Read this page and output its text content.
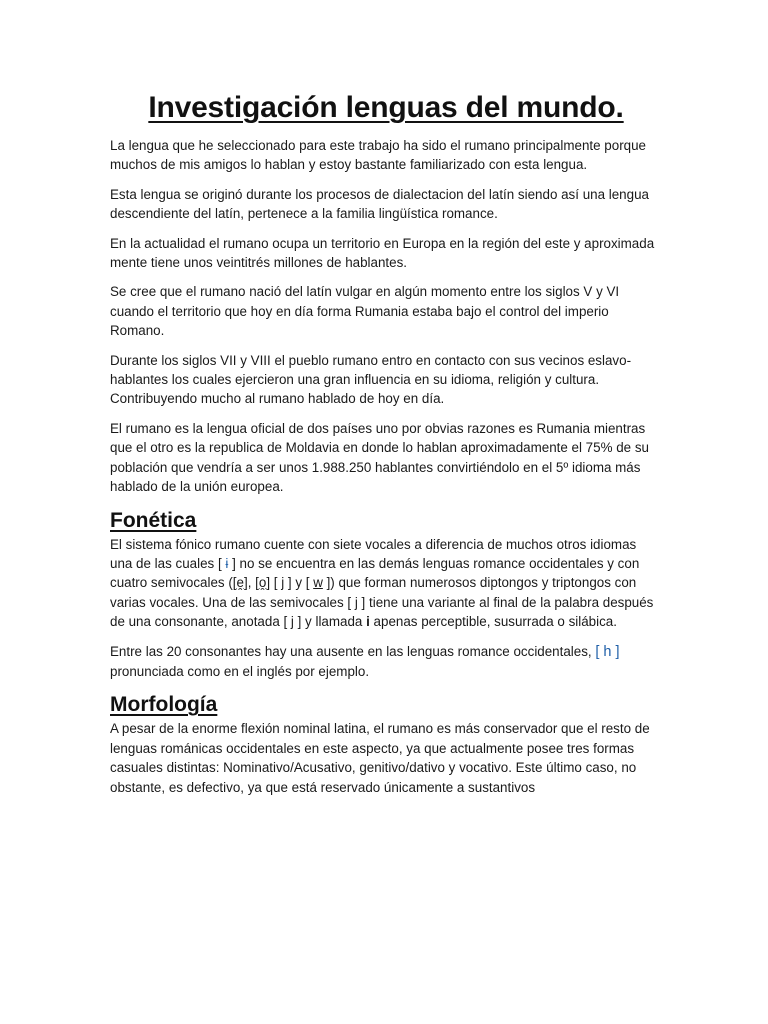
Investigación lenguas del mundo.

La lengua que he seleccionado para este trabajo ha sido el rumano principalmente porque muchos de mis amigos lo hablan y estoy bastante familiarizado con esta lengua.

Esta lengua se originó durante los procesos de dialectacion del latín siendo así una lengua descendiente del latín, pertenece a la familia lingüística romance.

En la actualidad el rumano ocupa un territorio en Europa en la región del este y aproximada mente tiene unos veintitrés millones de hablantes.

Se cree que el rumano nació del latín vulgar en algún momento entre los siglos V y VI cuando el territorio que hoy en día forma Rumania estaba bajo el control del imperio Romano.

Durante los siglos VII y VIII el pueblo rumano entro en contacto con sus vecinos eslavo-hablantes los cuales ejercieron una gran influencia en su idioma, religión y cultura. Contribuyendo mucho al rumano hablado de hoy en día.

El rumano es la lengua oficial de dos países uno por obvias razones es Rumania mientras que el otro es la republica de Moldavia en donde lo hablan aproximadamente el 75% de su población que vendría a ser unos 1.988.250 hablantes convirtiéndolo en el 5º idioma más hablado de la unión europea.

Fonética

El sistema fónico rumano cuente con siete vocales a diferencia de muchos otros idiomas una de las cuales [ ɨ ] no se encuentra en las demás lenguas romance occidentales y con cuatro semivocales ([e̯], [o̯] [ j ] y [ w ]) que forman numerosos diptongos y triptongos con varias vocales. Una de las semivocales [ j ] tiene una variante al final de la palabra después de una consonante, anotada [ j ] y llamada i apenas perceptible, susurrada o silábica.

Entre las 20 consonantes hay una ausente en las lenguas romance occidentales, [ h ] pronunciada como en el inglés por ejemplo.

Morfología

A pesar de la enorme flexión nominal latina, el rumano es más conservador que el resto de lenguas románicas occidentales en este aspecto, ya que actualmente posee tres formas casuales distintas: Nominativo/Acusativo, genitivo/dativo y vocativo. Este último caso, no obstante, es defectivo, ya que está reservado únicamente a sustantivos
